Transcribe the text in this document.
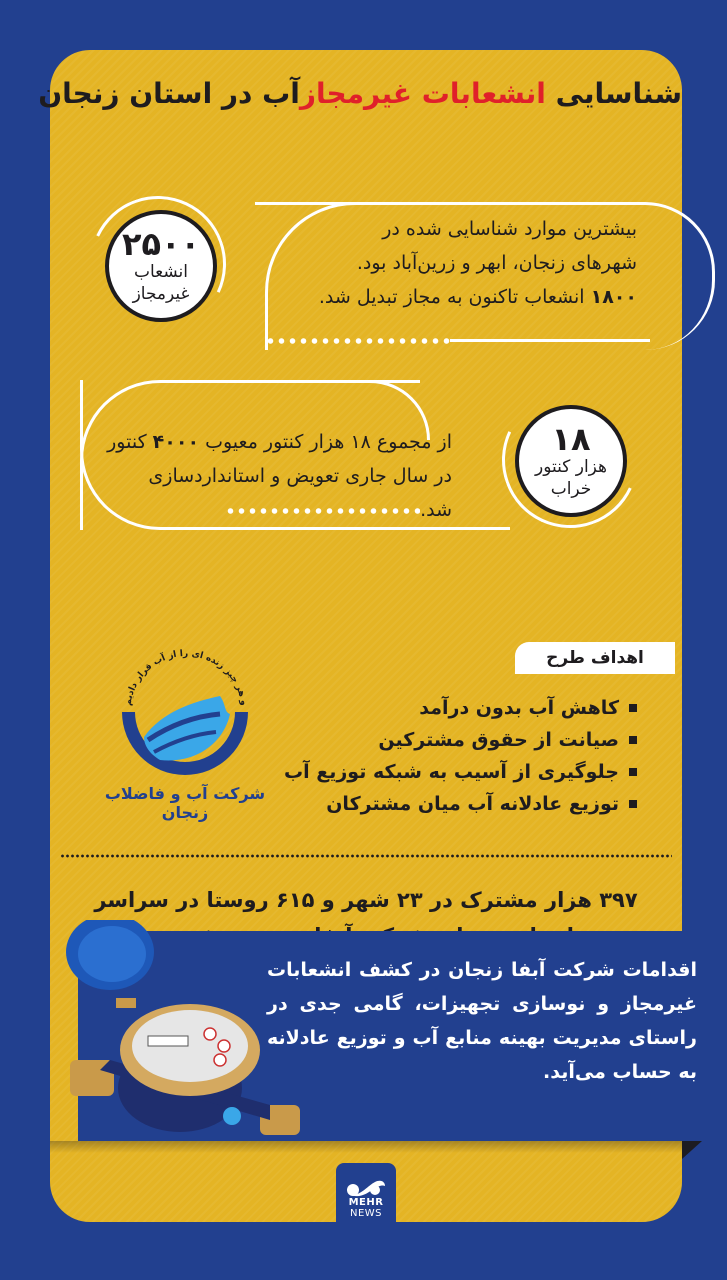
شناسایی انشعابات غیرمجازآب در استان زنجان
بیشترین موارد شناسایی شده در
شهرهای زنجان، ابهر و زرین‌آباد بود.
۱۸۰۰ انشعاب تاکنون به مجاز تبدیل شد.
۲۵۰۰
انشعاب
غیرمجاز
از مجموع ۱۸ هزار کنتور معیوب ۴۰۰۰ کنتور
در سال جاری تعویض و استانداردسازی
شد.
۱۸
هزار کنتور
خراب
اهداف طرح
کاهش آب بدون درآمد
صیانت از حقوق مشترکین
جلوگیری از آسیب به شبکه توزیع آب
توزیع عادلانه آب میان مشترکان
و هر چیز زنده ای را از آب قرار دادیم
شرکت آب و فاضلاب زنجان
۳۹۷ هزار مشترک در ۲۳ شهر و ۶۱۵ روستا در سراسر
اقدامات شرکت آبفا زنجان در کشف انشعابات غیرمجاز و نوسازی تجهیزات، گامی جدی در راستای مدیریت بهینه منابع آب و توزیع عادلانه به حساب می‌آید.
MEHR
NEWS
